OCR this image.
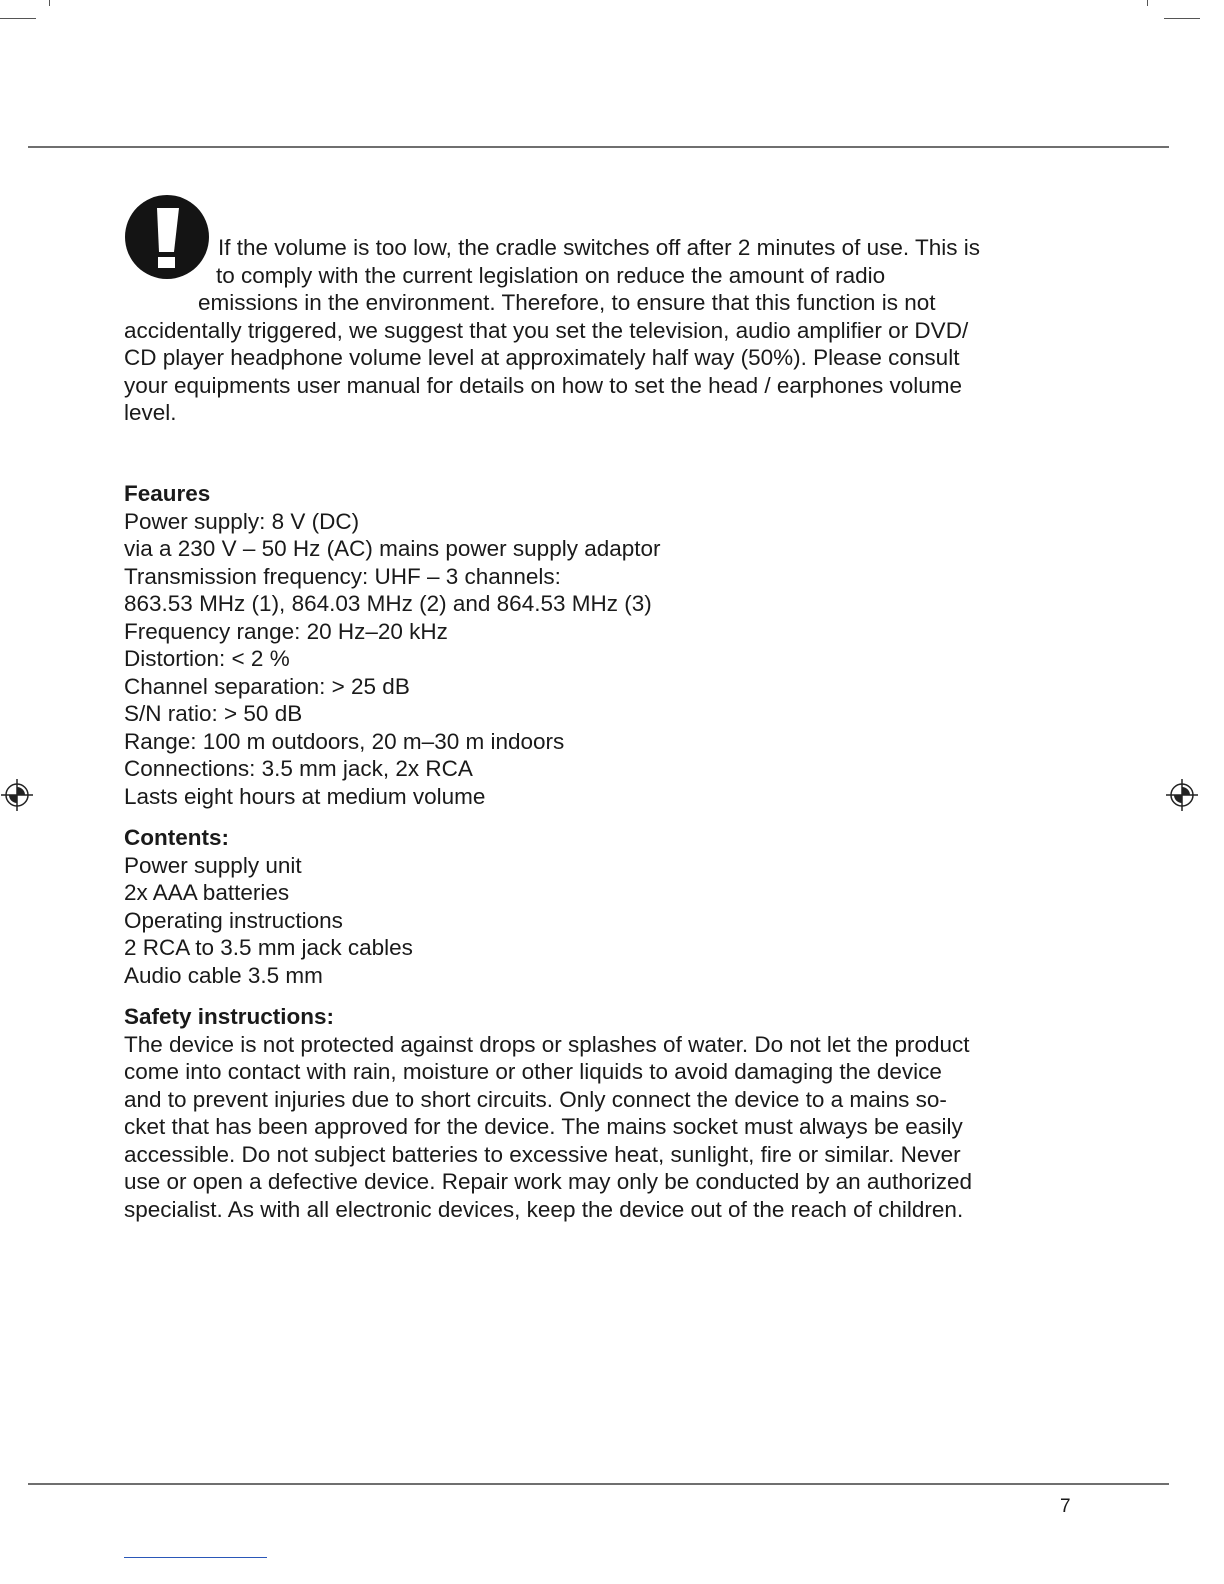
If the volume is too low, the cradle switches off after 2 minutes of use. This is
to comply with the current legislation on reduce the amount of radio
emissions in the environment. Therefore, to ensure that this function is not
accidentally triggered, we suggest that you set the television, audio amplifier or DVD/
CD player headphone volume level at approximately half way (50%). Please consult
your equipments user manual for details on how to set the head / earphones volume
level.

Feaures
Power supply: 8 V (DC)
via a 230 V – 50 Hz (AC) mains power supply adaptor
Transmission frequency: UHF – 3 channels:
863.53 MHz (1), 864.03 MHz (2) and 864.53 MHz (3)
Frequency range: 20 Hz–20 kHz
Distortion: < 2 %
Channel separation: > 25 dB
S/N ratio: > 50 dB
Range: 100 m outdoors, 20 m–30 m indoors
Connections: 3.5 mm jack, 2x RCA
Lasts eight hours at medium volume
Contents:
Power supply unit
2x AAA batteries
Operating instructions
2 RCA to 3.5 mm jack cables
Audio cable 3.5 mm
Safety instructions:
The device is not protected against drops or splashes of water. Do not let the product
come into contact with rain, moisture or other liquids to avoid damaging the device
and to prevent injuries due to short circuits. Only connect the device to a mains so-
cket that has been approved for the device. The mains socket must always be easily
accessible. Do not subject batteries to excessive heat, sunlight, fire or similar. Never
use or open a defective device. Repair work may only be conducted by an authorized
specialist. As with all electronic devices, keep the device out of the reach of children.
7
